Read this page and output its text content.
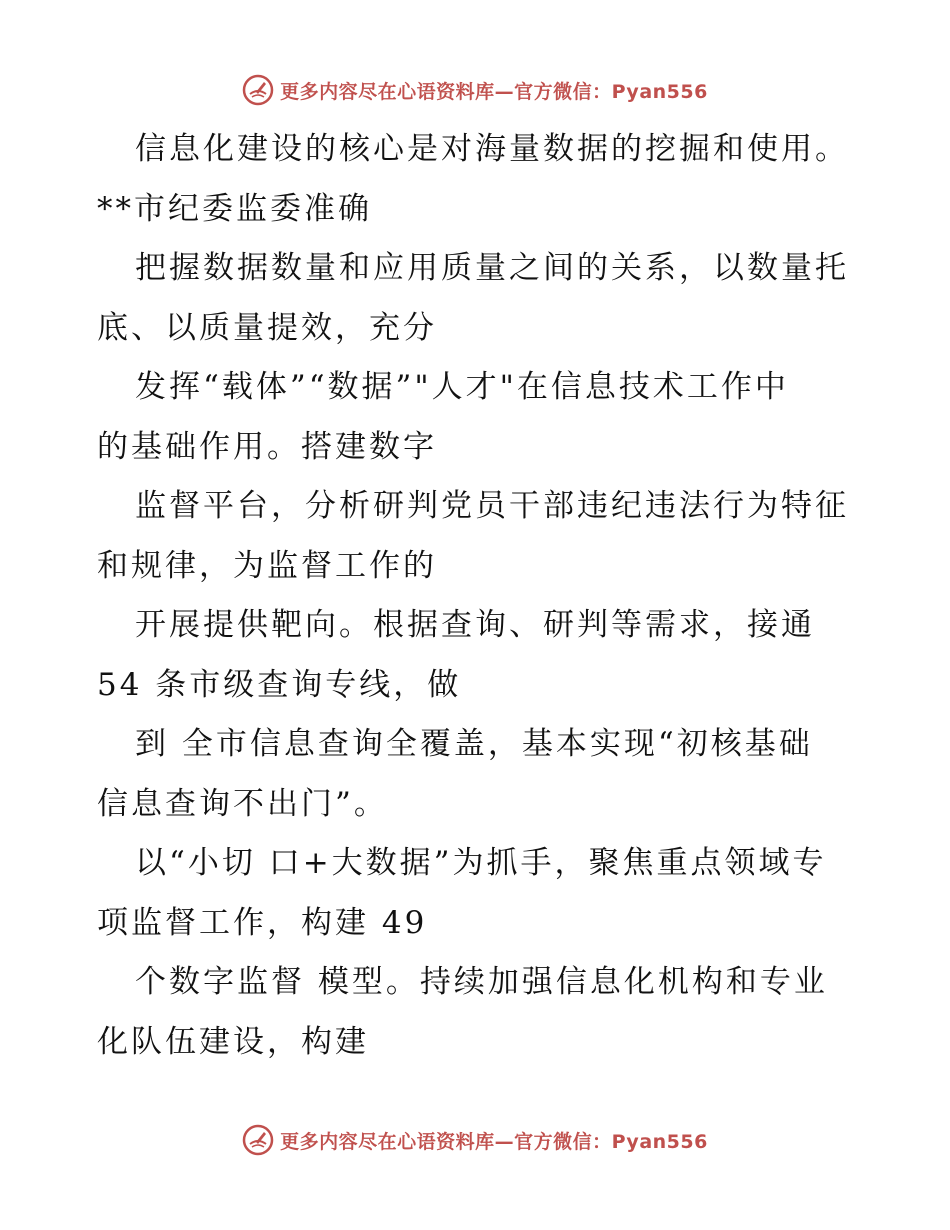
更多内容尽在心语资料库—官方微信：Pyan556
信息化建设的核心是对海量数据的挖掘和使用。
**市纪委监委准确
把握数据数量和应用质量之间的关系，以数量托
底、以质量提效，充分
发挥“载体”“数据”"人才"在信息技术工作中
的基础作用。搭建数字
监督平台，分析研判党员干部违纪违法行为特征
和规律，为监督工作的
开展提供靶向。根据查询、研判等需求，接通
54 条市级查询专线，做
到 全市信息查询全覆盖，基本实现“初核基础
信息查询不出门”。
以“小切 口+大数据”为抓手，聚焦重点领域专
项监督工作，构建 49
个数字监督 模型。持续加强信息化机构和专业
化队伍建设，构建
更多内容尽在心语资料库—官方微信：Pyan556
